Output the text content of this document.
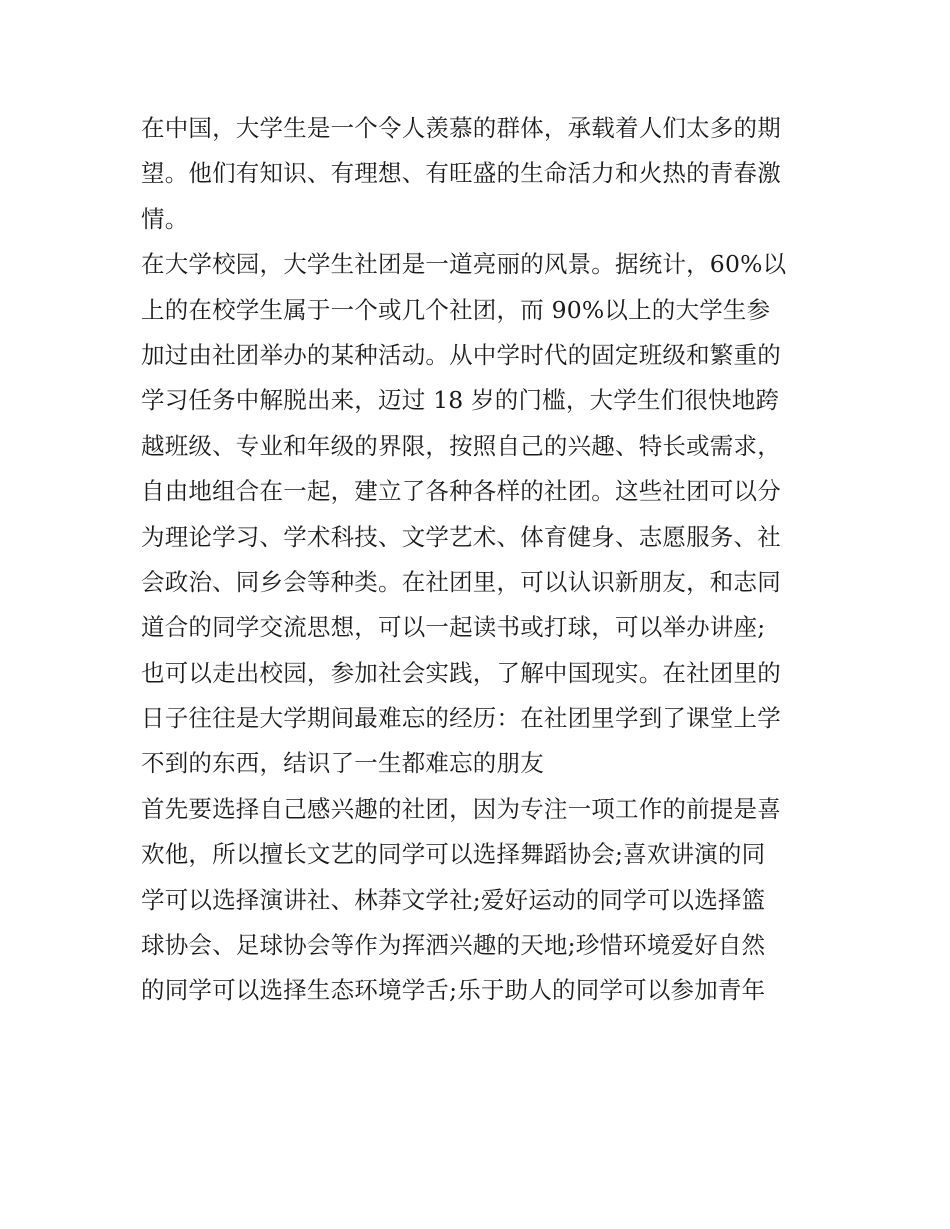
在中国，大学生是一个令人羡慕的群体，承载着人们太多的期
望。他们有知识、有理想、有旺盛的生命活力和火热的青春激
情。
在大学校园，大学生社团是一道亮丽的风景。据统计，60%以
上的在校学生属于一个或几个社团，而 90%以上的大学生参
加过由社团举办的某种活动。从中学时代的固定班级和繁重的
学习任务中解脱出来，迈过 18 岁的门槛，大学生们很快地跨
越班级、专业和年级的界限，按照自己的兴趣、特长或需求，
自由地组合在一起，建立了各种各样的社团。这些社团可以分
为理论学习、学术科技、文学艺术、体育健身、志愿服务、社
会政治、同乡会等种类。在社团里，可以认识新朋友，和志同
道合的同学交流思想，可以一起读书或打球，可以举办讲座;
也可以走出校园，参加社会实践，了解中国现实。在社团里的
日子往往是大学期间最难忘的经历：在社团里学到了课堂上学
不到的东西，结识了一生都难忘的朋友
首先要选择自己感兴趣的社团，因为专注一项工作的前提是喜
欢他，所以擅长文艺的同学可以选择舞蹈协会;喜欢讲演的同
学可以选择演讲社、林莽文学社;爱好运动的同学可以选择篮
球协会、足球协会等作为挥洒兴趣的天地;珍惜环境爱好自然
的同学可以选择生态环境学舌;乐于助人的同学可以参加青年
